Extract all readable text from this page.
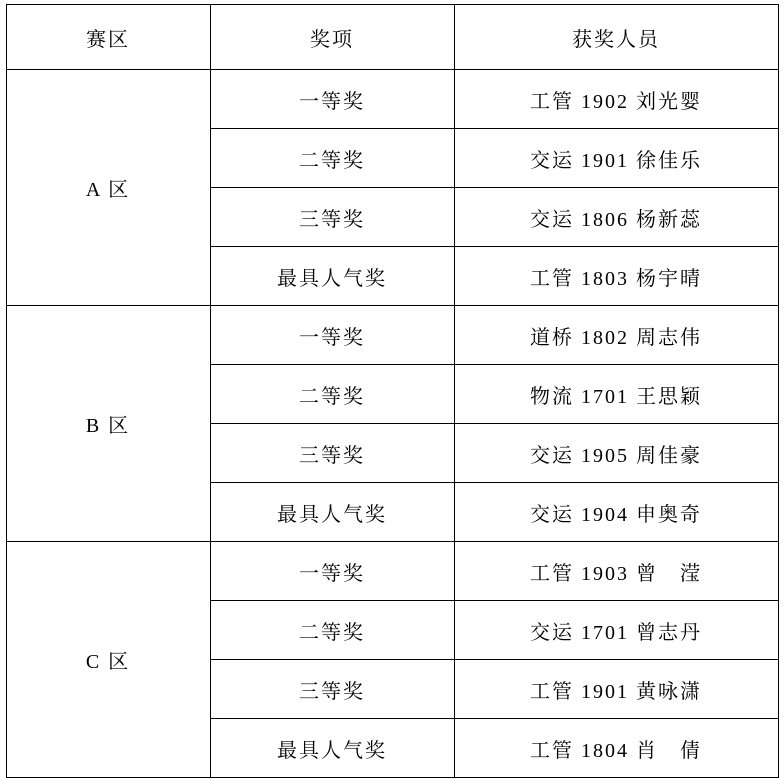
赛区	奖项	获奖人员
A 区	一等奖	工管 1902 刘光婴
	二等奖	交运 1901 徐佳乐
	三等奖	交运 1806 杨新蕊
	最具人气奖	工管 1803 杨宇晴
B 区	一等奖	道桥 1802 周志伟
	二等奖	物流 1701 王思颖
	三等奖	交运 1905 周佳豪
	最具人气奖	交运 1904 申奥奇
C 区	一等奖	工管 1903 曾　滢
	二等奖	交运 1701 曾志丹
	三等奖	工管 1901 黄咏潇
	最具人气奖	工管 1804 肖　倩
